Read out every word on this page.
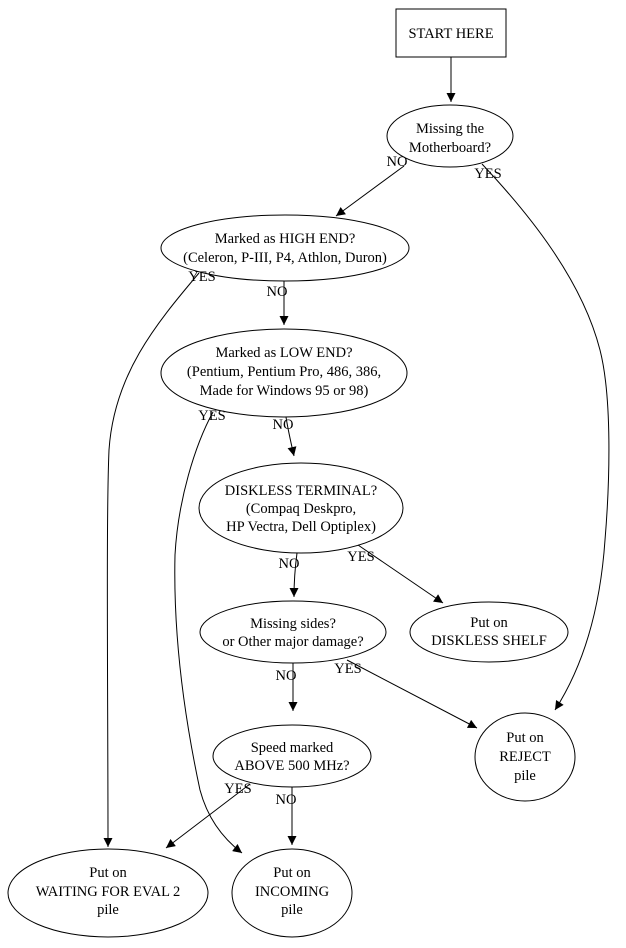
NO
YES
YES
NO
YES
NO
YES
NO
YES
NO
YES
NO
START HERE
Missing the
Motherboard?
Marked as HIGH END?
(Celeron, P-III, P4, Athlon, Duron)
Marked as LOW END?
(Pentium, Pentium Pro, 486, 386,
Made for Windows 95 or 98)
DISKLESS TERMINAL?
(Compaq Deskpro,
HP Vectra, Dell Optiplex)
Missing sides?
or Other major damage?
Put on
DISKLESS SHELF
Speed marked
ABOVE 500 MHz?
Put on
REJECT
pile
Put on
WAITING FOR EVAL 2
pile
Put on
INCOMING
pile
